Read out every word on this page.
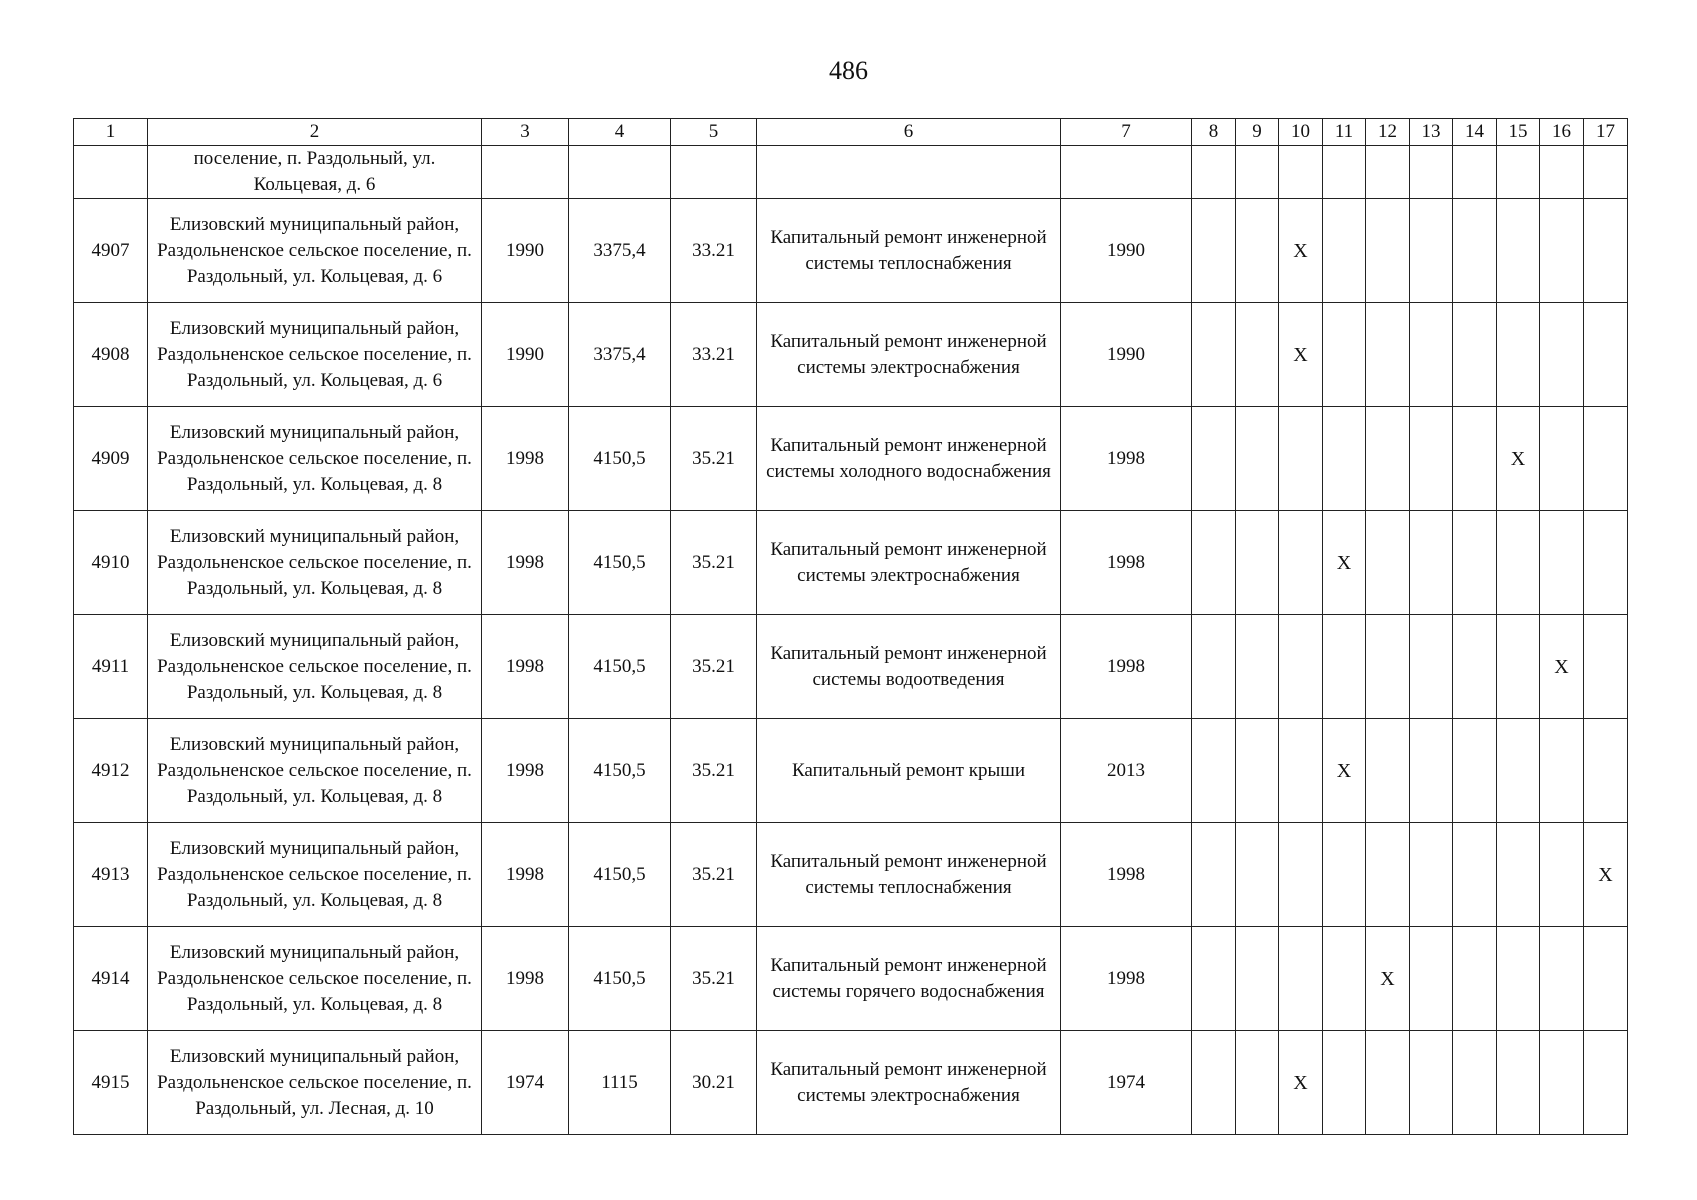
486
1	2	3	4	5	6	7	8	9	10	11	12	13	14	15	16	17
	поселение, п. Раздольный, ул. Кольцевая, д. 6															
4907	Елизовский муниципальный район, Раздольненское сельское поселение, п. Раздольный, ул. Кольцевая, д. 6	1990	3375,4	33.21	Капитальный ремонт инженерной системы теплоснабжения	1990			X							
4908	Елизовский муниципальный район, Раздольненское сельское поселение, п. Раздольный, ул. Кольцевая, д. 6	1990	3375,4	33.21	Капитальный ремонт инженерной системы электроснабжения	1990			X							
4909	Елизовский муниципальный район, Раздольненское сельское поселение, п. Раздольный, ул. Кольцевая, д. 8	1998	4150,5	35.21	Капитальный ремонт инженерной системы холодного водоснабжения	1998								X		
4910	Елизовский муниципальный район, Раздольненское сельское поселение, п. Раздольный, ул. Кольцевая, д. 8	1998	4150,5	35.21	Капитальный ремонт инженерной системы электроснабжения	1998				X						
4911	Елизовский муниципальный район, Раздольненское сельское поселение, п. Раздольный, ул. Кольцевая, д. 8	1998	4150,5	35.21	Капитальный ремонт инженерной системы водоотведения	1998									X	
4912	Елизовский муниципальный район, Раздольненское сельское поселение, п. Раздольный, ул. Кольцевая, д. 8	1998	4150,5	35.21	Капитальный ремонт крыши	2013				X						
4913	Елизовский муниципальный район, Раздольненское сельское поселение, п. Раздольный, ул. Кольцевая, д. 8	1998	4150,5	35.21	Капитальный ремонт инженерной системы теплоснабжения	1998										X
4914	Елизовский муниципальный район, Раздольненское сельское поселение, п. Раздольный, ул. Кольцевая, д. 8	1998	4150,5	35.21	Капитальный ремонт инженерной системы горячего водоснабжения	1998					X					
4915	Елизовский муниципальный район, Раздольненское сельское поселение, п. Раздольный, ул. Лесная, д. 10	1974	1115	30.21	Капитальный ремонт инженерной системы электроснабжения	1974			X							
